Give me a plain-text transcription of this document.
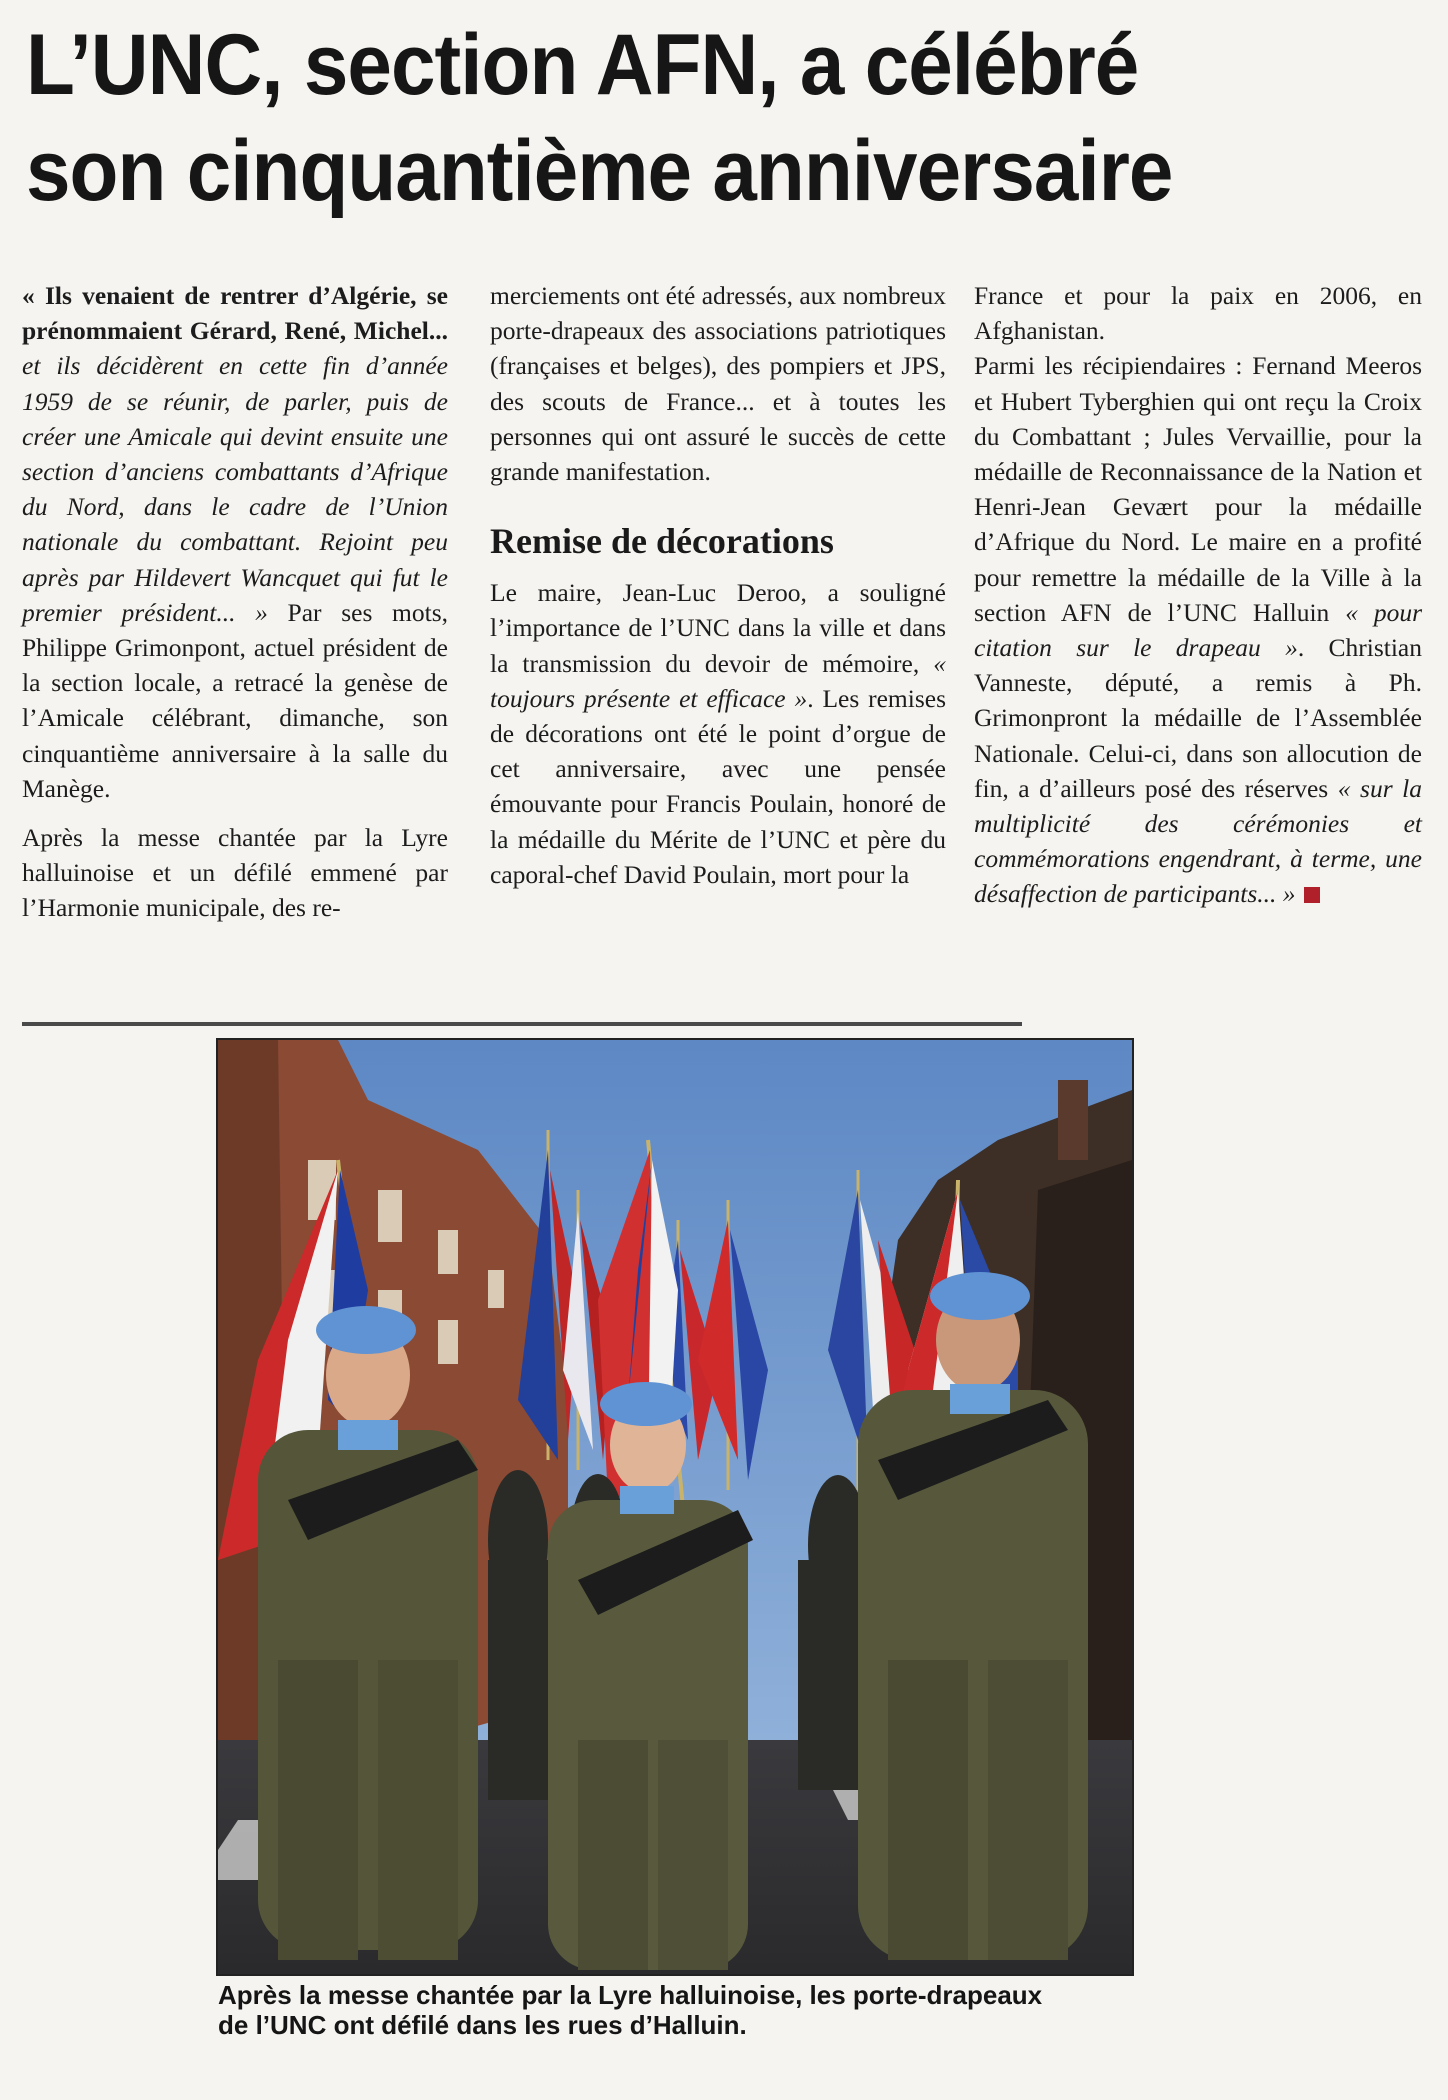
L’UNC, section AFN, a célébré
son cinquantième anniversaire

« Ils venaient de rentrer d’Algérie, se prénommaient Gérard, René, Michel... et ils décidèrent en cette fin d’année 1959 de se réunir, de parler, puis de créer une Amicale qui devint ensuite une section d’anciens combattants d’Afrique du Nord, dans le cadre de l’Union nationale du combattant. Rejoint peu après par Hildevert Wancquet qui fut le premier président... » Par ses mots, Philippe Grimonpont, actuel président de la section locale, a retracé la genèse de l’Amicale célébrant, dimanche, son cinquantième anniversaire à la salle du Manège.

Après la messe chantée par la Lyre halluinoise et un défilé emmené par l’Harmonie municipale, des re-

merciements ont été adressés, aux nombreux porte-drapeaux des associations patriotiques (françaises et belges), des pompiers et JPS, des scouts de France... et à toutes les personnes qui ont assuré le succès de cette grande manifestation.

Remise de décorations

Le maire, Jean-Luc Deroo, a souligné l’importance de l’UNC dans la ville et dans la transmission du devoir de mémoire, « toujours présente et efficace ». Les remises de décorations ont été le point d’orgue de cet anniversaire, avec une pensée émouvante pour Francis Poulain, honoré de la médaille du Mérite de l’UNC et père du caporal-chef David Poulain, mort pour la

France et pour la paix en 2006, en Afghanistan.

Parmi les récipiendaires : Fernand Meeros et Hubert Tyberghien qui ont reçu la Croix du Combattant ; Jules Vervaillie, pour la médaille de Reconnaissance de la Nation et Henri-Jean Gevært pour la médaille d’Afrique du Nord. Le maire en a profité pour remettre la médaille de la Ville à la section AFN de l’UNC Halluin « pour citation sur le drapeau ». Christian Vanneste, député, a remis à Ph. Grimonpront la médaille de l’Assemblée Nationale. Celui-ci, dans son allocution de fin, a d’ailleurs posé des réserves « sur la multiplicité des cérémonies et commémorations engendrant, à terme, une désaffection de participants... »

Après la messe chantée par la Lyre halluinoise, les porte-drapeaux
de l’UNC ont défilé dans les rues d’Halluin.
